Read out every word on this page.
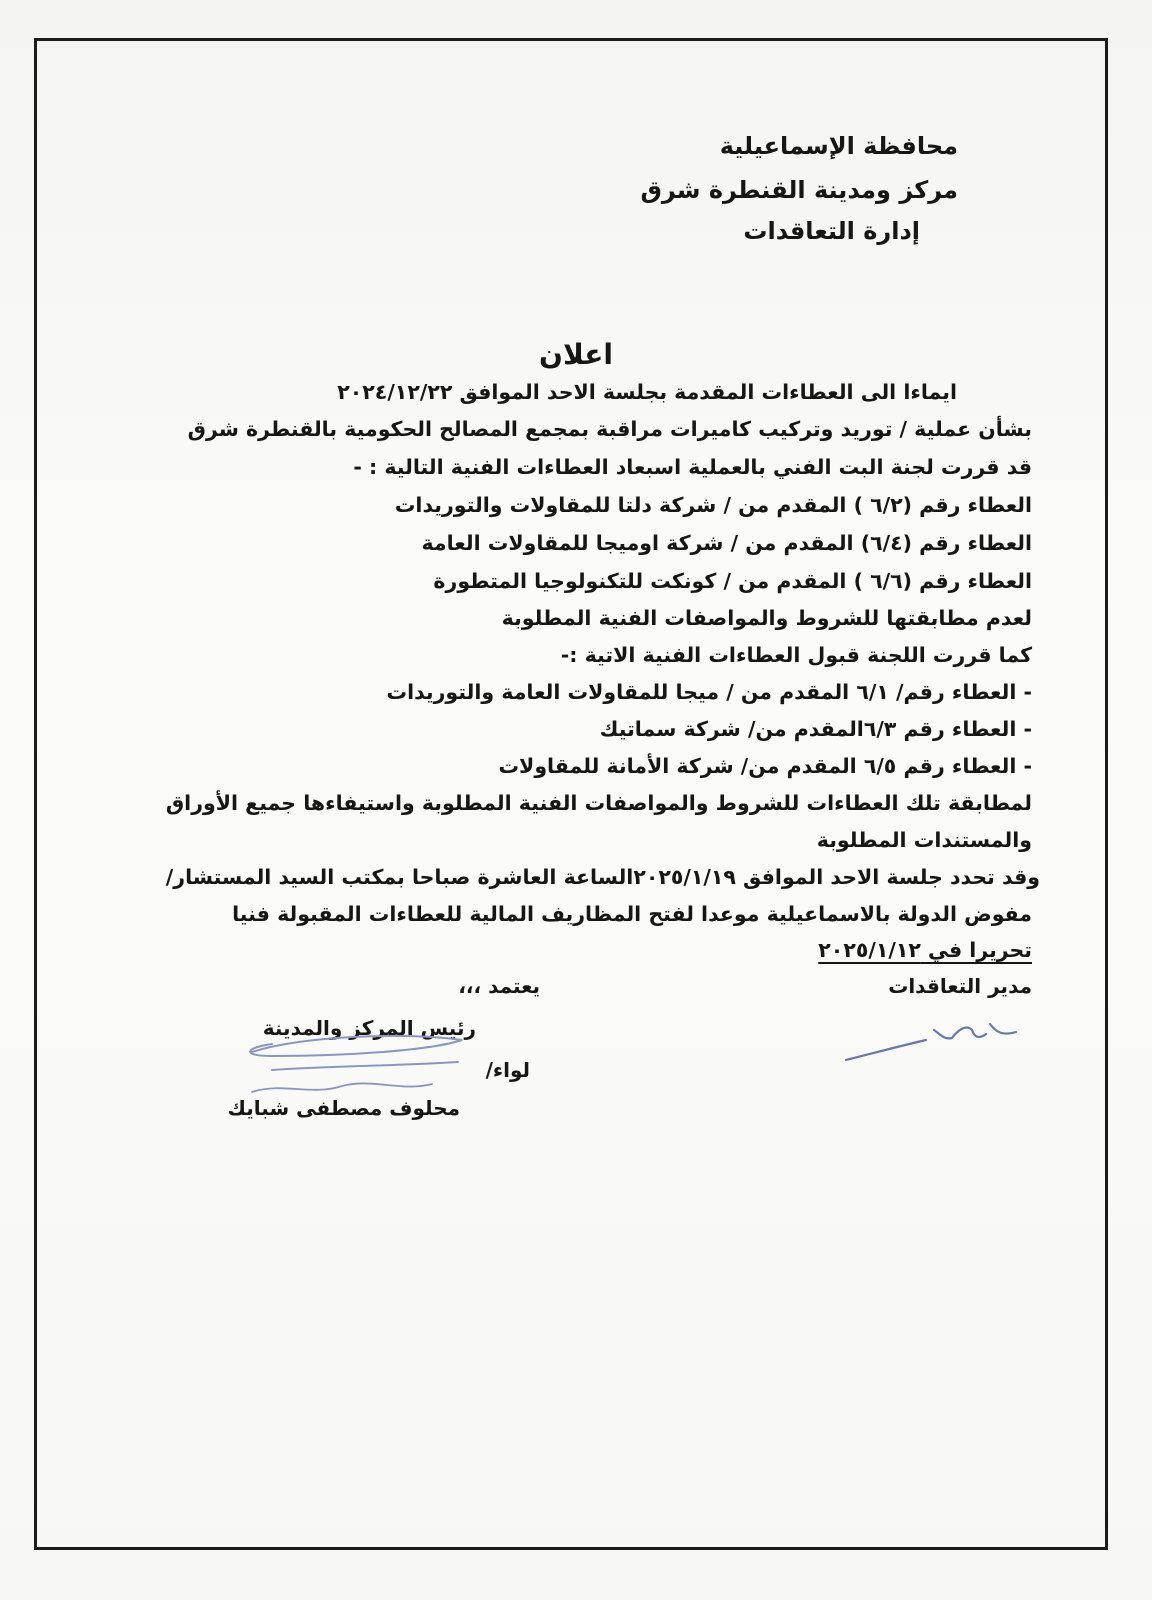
محافظة الإسماعيلية
مركز ومدينة القنطرة شرق
إدارة التعاقدات
اعلان
ايماءا الى العطاءات المقدمة بجلسة الاحد الموافق ٢٠٢٤/١٢/٢٢
بشأن عملية / توريد وتركيب كاميرات مراقبة بمجمع المصالح الحكومية بالقنطرة شرق
قد قررت لجنة البت الفني بالعملية اسبعاد العطاءات الفنية التالية : -
العطاء رقم (٦/٢ ) المقدم من / شركة دلتا للمقاولات والتوريدات
العطاء رقم (٦/٤) المقدم من / شركة اوميجا للمقاولات العامة
العطاء رقم (٦/٦ ) المقدم من / كونكت للتكنولوجيا المتطورة
لعدم مطابقتها للشروط والمواصفات الفنية المطلوبة
كما قررت اللجنة قبول العطاءات الفنية الاتية :-
- العطاء رقم/ ٦/١ المقدم من / ميجا للمقاولات العامة والتوريدات
- العطاء رقم ٦/٣المقدم من/ شركة سماتيك
- العطاء رقم ٦/٥ المقدم من/ شركة الأمانة للمقاولات
لمطابقة تلك العطاءات للشروط والمواصفات الفنية المطلوبة واستيفاءها جميع الأوراق
والمستندات المطلوبة
وقد تحدد جلسة الاحد الموافق ٢٠٢٥/١/١٩الساعة العاشرة صباحا بمكتب السيد المستشار/
مفوض الدولة بالاسماعيلية موعدا لفتح المظاريف المالية للعطاءات المقبولة فنيا
تحريرا في ٢٠٢٥/١/١٢
مدير التعاقدات
يعتمد ،،،
رئيس المركز والمدينة
لواء/
محلوف مصطفى شبايك
